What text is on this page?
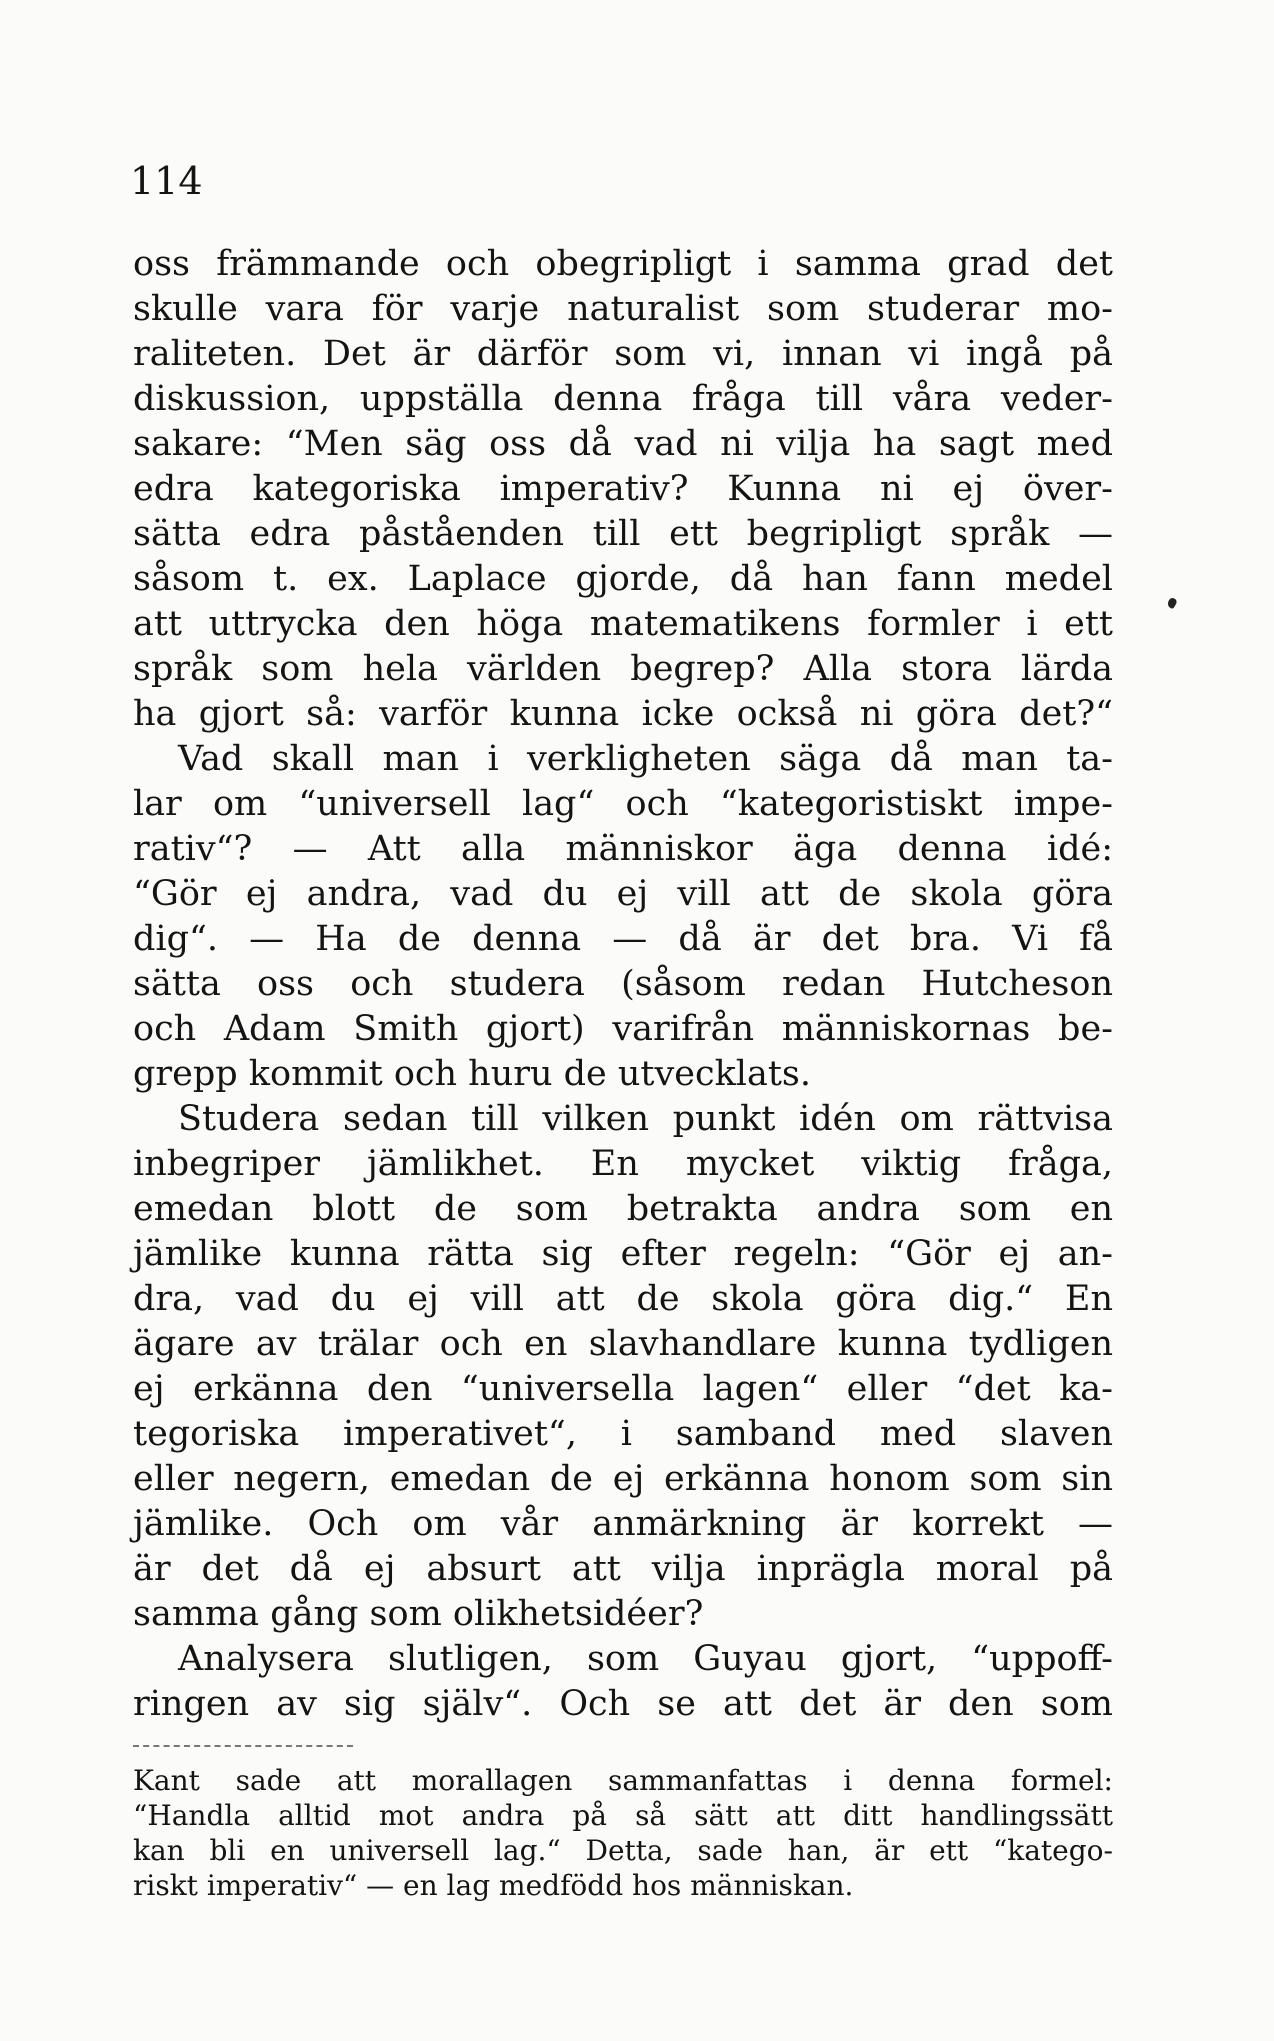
114
oss främmande och obegripligt i samma grad det
skulle vara för varje naturalist som studerar mo-
raliteten. Det är därför som vi, innan vi ingå på
diskussion, uppställa denna fråga till våra veder-
sakare: “Men säg oss då vad ni vilja ha sagt med
edra kategoriska imperativ? Kunna ni ej över-
sätta edra påståenden till ett begripligt språk —
såsom t. ex. Laplace gjorde, då han fann medel
att uttrycka den höga matematikens formler i ett
språk som hela världen begrep? Alla stora lärda
ha gjort så: varför kunna icke också ni göra det?“
Vad skall man i verkligheten säga då man ta-
lar om “universell lag“ och “kategoristiskt impe-
rativ“? — Att alla människor äga denna idé:
“Gör ej andra, vad du ej vill att de skola göra
dig“. — Ha de denna — då är det bra. Vi få
sätta oss och studera (såsom redan Hutcheson
och Adam Smith gjort) varifrån människornas be-
grepp kommit och huru de utvecklats.
Studera sedan till vilken punkt idén om rättvisa
inbegriper jämlikhet. En mycket viktig fråga,
emedan blott de som betrakta andra som en
jämlike kunna rätta sig efter regeln: “Gör ej an-
dra, vad du ej vill att de skola göra dig.“ En
ägare av trälar och en slavhandlare kunna tydligen
ej erkänna den “universella lagen“ eller “det ka-
tegoriska imperativet“, i samband med slaven
eller negern, emedan de ej erkänna honom som sin
jämlike. Och om vår anmärkning är korrekt —
är det då ej absurt att vilja inprägla moral på
samma gång som olikhetsidéer?
Analysera slutligen, som Guyau gjort, “uppoff-
ringen av sig själv“. Och se att det är den som
Kant sade att morallagen sammanfattas i denna formel:
“Handla alltid mot andra på så sätt att ditt handlingssätt
kan bli en universell lag.“ Detta, sade han, är ett “katego-
riskt imperativ“ — en lag medfödd hos människan.
